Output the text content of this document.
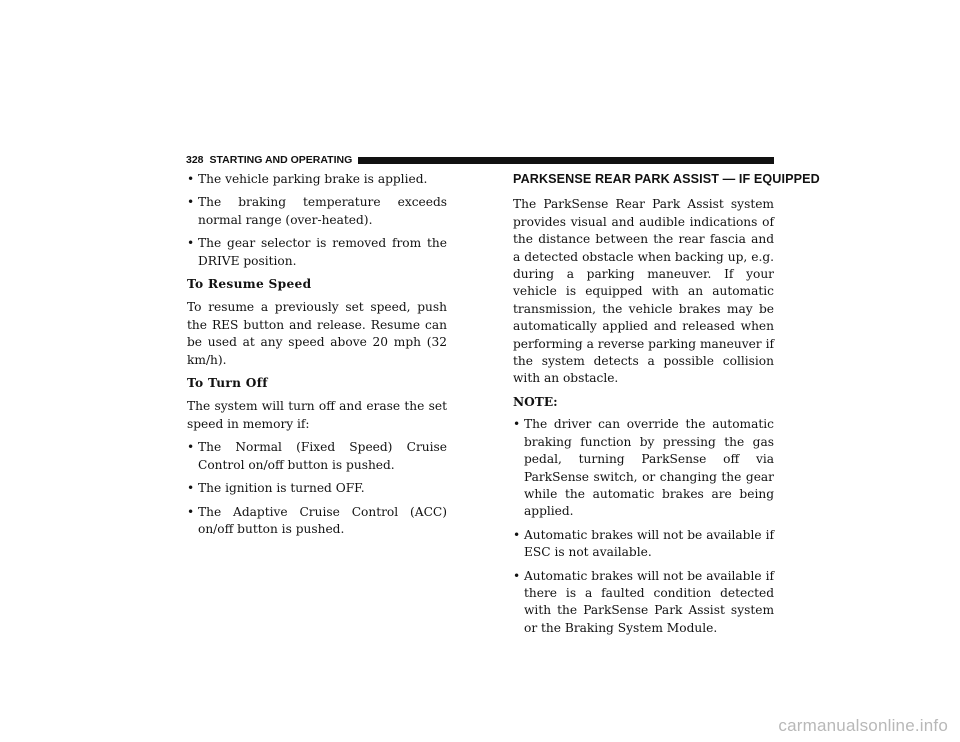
328 STARTING AND OPERATING
• The vehicle parking brake is applied.
• The braking temperature exceeds normal range (over-heated).
• The gear selector is removed from the DRIVE position.
To Resume Speed

To resume a previously set speed, push the RES button and release. Resume can be used at any speed above 20 mph (32 km/h).

To Turn Off

The system will turn off and erase the set speed in memory if:

• The Normal (Fixed Speed) Cruise Control on/off button is pushed.
• The ignition is turned OFF.
• The Adaptive Cruise Control (ACC) on/off button is pushed.
PARKSENSE REAR PARK ASSIST — IF EQUIPPED

The ParkSense Rear Park Assist system provides visual and audible indications of the distance between the rear fascia and a detected obstacle when backing up, e.g. during a parking maneuver. If your vehicle is equipped with an automatic transmission, the vehicle brakes may be automatically applied and released when performing a reverse parking maneuver if the system detects a possible collision with an obstacle.

NOTE:
• The driver can override the automatic braking function by pressing the gas pedal, turning ParkSense off via ParkSense switch, or changing the gear while the automatic brakes are being applied.
• Automatic brakes will not be available if ESC is not available.
• Automatic brakes will not be available if there is a faulted condition detected with the ParkSense Park Assist system or the Braking System Module.
carmanualsonline.info
